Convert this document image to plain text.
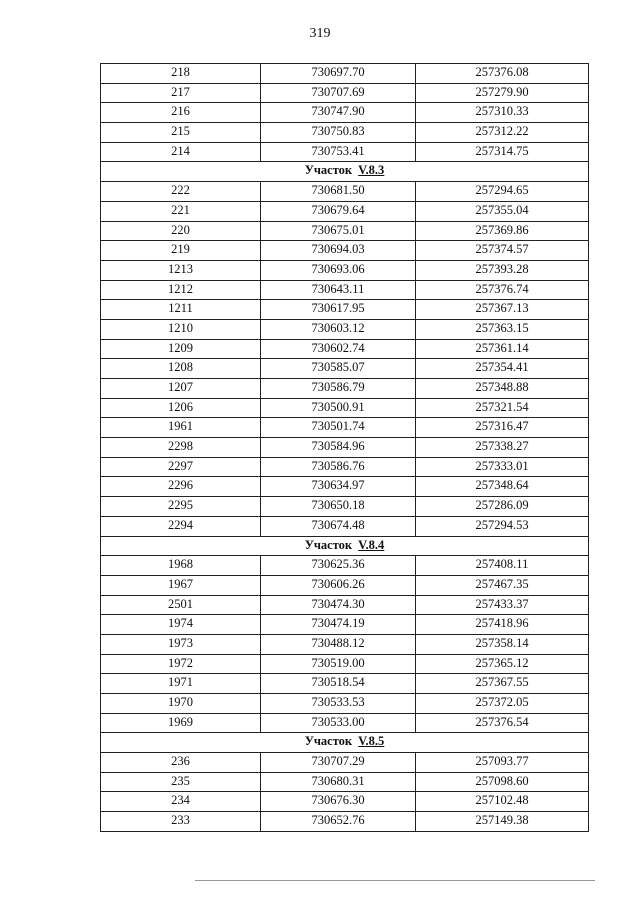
319
218	730697.70	257376.08
217	730707.69	257279.90
216	730747.90	257310.33
215	730750.83	257312.22
214	730753.41	257314.75
Участок V.8.3		
222	730681.50	257294.65
221	730679.64	257355.04
220	730675.01	257369.86
219	730694.03	257374.57
1213	730693.06	257393.28
1212	730643.11	257376.74
1211	730617.95	257367.13
1210	730603.12	257363.15
1209	730602.74	257361.14
1208	730585.07	257354.41
1207	730586.79	257348.88
1206	730500.91	257321.54
1961	730501.74	257316.47
2298	730584.96	257338.27
2297	730586.76	257333.01
2296	730634.97	257348.64
2295	730650.18	257286.09
2294	730674.48	257294.53
Участок V.8.4		
1968	730625.36	257408.11
1967	730606.26	257467.35
2501	730474.30	257433.37
1974	730474.19	257418.96
1973	730488.12	257358.14
1972	730519.00	257365.12
1971	730518.54	257367.55
1970	730533.53	257372.05
1969	730533.00	257376.54
Участок V.8.5		
236	730707.29	257093.77
235	730680.31	257098.60
234	730676.30	257102.48
233	730652.76	257149.38
